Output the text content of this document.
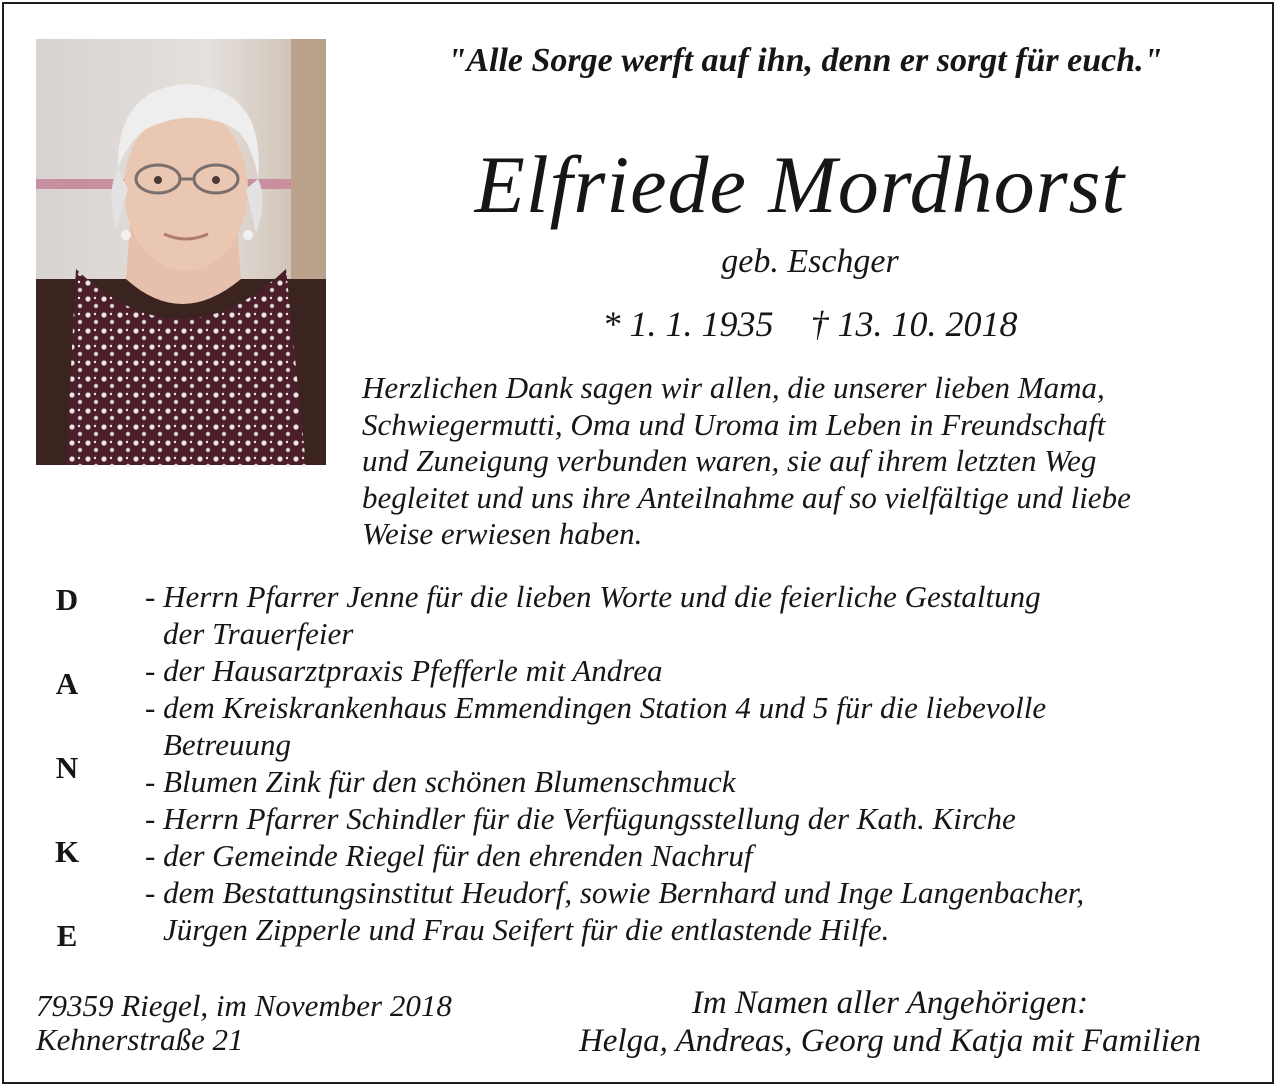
"Alle Sorge werft auf ihn, denn er sorgt für euch."
Elfriede Mordhorst
geb. Eschger
* 1. 1. 1935 † 13. 10. 2018
Herzlichen Dank sagen wir allen, die unserer lieben Mama,
Schwiegermutti, Oma und Uroma im Leben in Freundschaft
und Zuneigung verbunden waren, sie auf ihrem letzten Weg
begleitet und uns ihre Anteilnahme auf so vielfältige und liebe
Weise erwiesen haben.
D
A
N
K
E
- Herrn Pfarrer Jenne für die lieben Worte und die feierliche Gestaltung
der Trauerfeier
- der Hausarztpraxis Pfefferle mit Andrea
- dem Kreiskrankenhaus Emmendingen Station 4 und 5 für die liebevolle
Betreuung
- Blumen Zink für den schönen Blumenschmuck
- Herrn Pfarrer Schindler für die Verfügungsstellung der Kath. Kirche
- der Gemeinde Riegel für den ehrenden Nachruf
- dem Bestattungsinstitut Heudorf, sowie Bernhard und Inge Langenbacher,
Jürgen Zipperle und Frau Seifert für die entlastende Hilfe.
79359 Riegel, im November 2018
Kehnerstraße 21
Im Namen aller Angehörigen:
Helga, Andreas, Georg und Katja mit Familien
